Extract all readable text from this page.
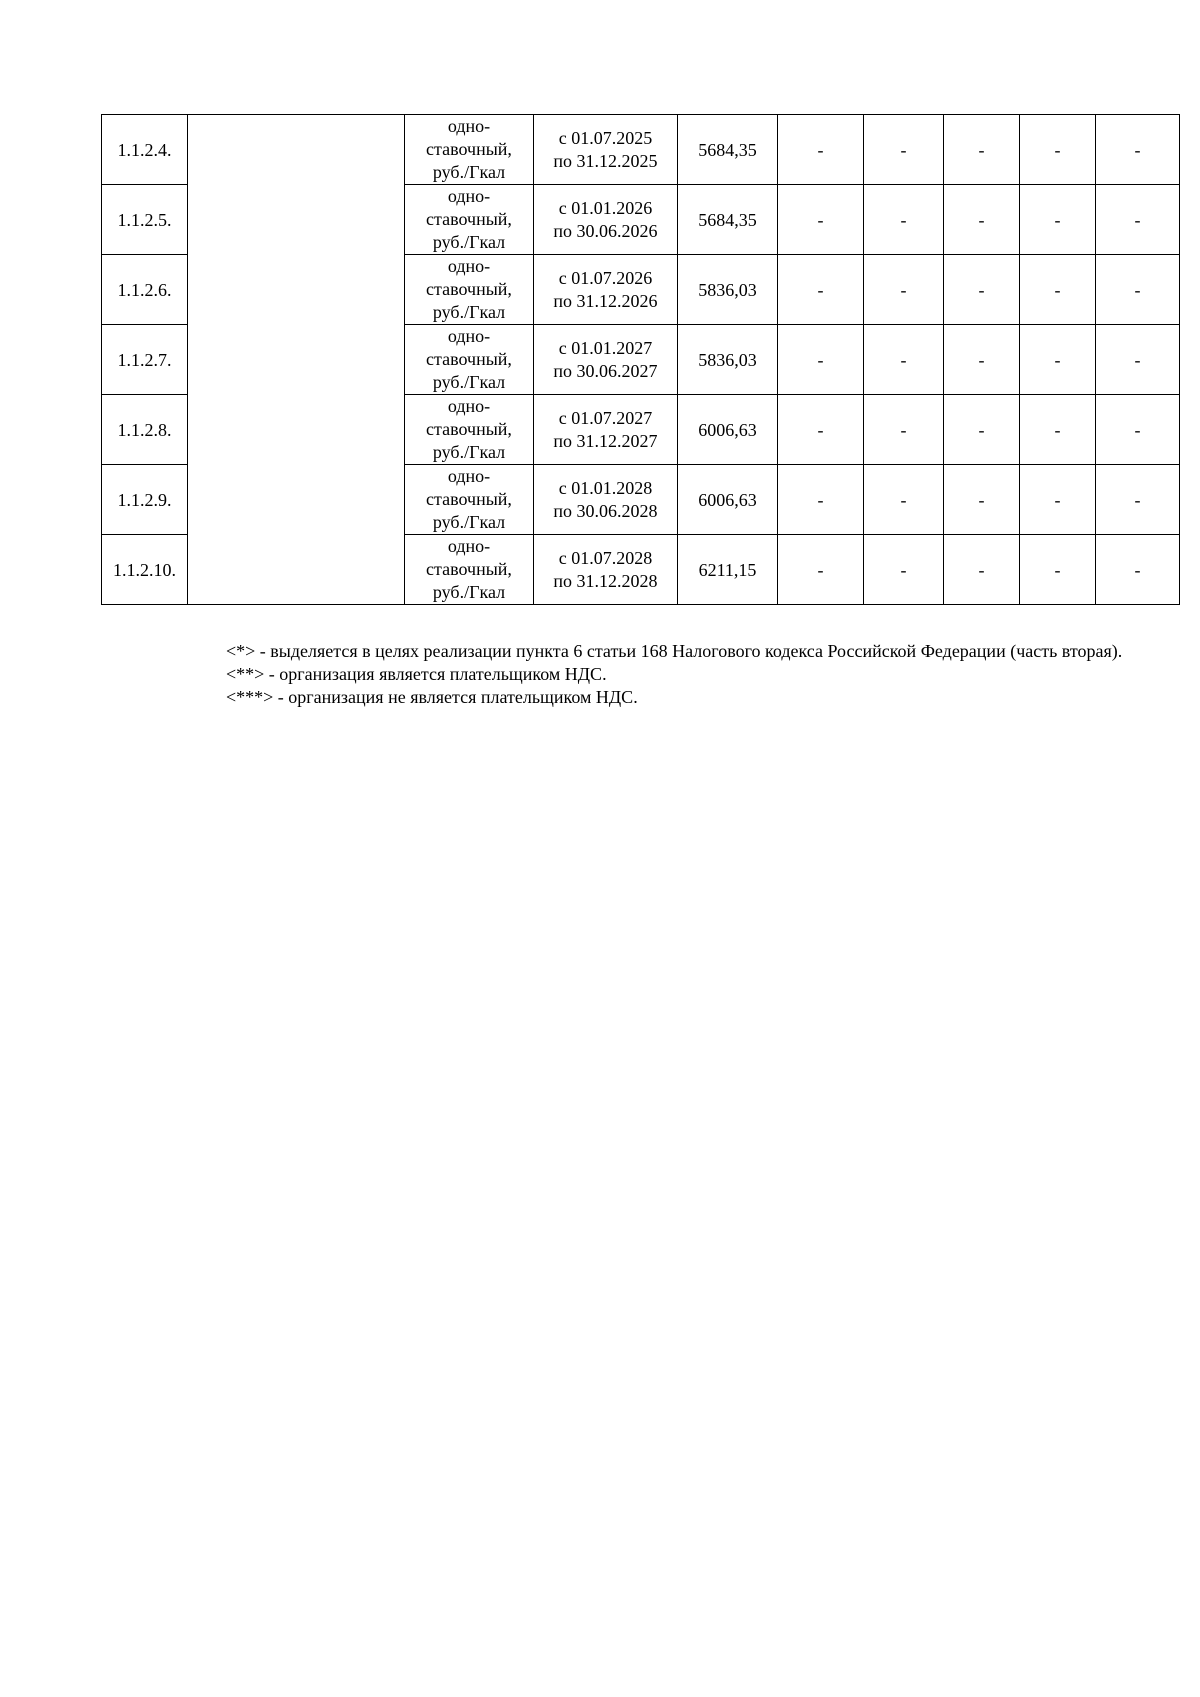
1.1.2.4.		одно-ставочный, руб./Гкал	с 01.07.2025
по 31.12.2025	5684,35	-	-	-	-	-
1.1.2.5.		одно-ставочный, руб./Гкал	с 01.01.2026
по 30.06.2026	5684,35	-	-	-	-	-
1.1.2.6.		одно-ставочный, руб./Гкал	с 01.07.2026
по 31.12.2026	5836,03	-	-	-	-	-
1.1.2.7.		одно-ставочный, руб./Гкал	с 01.01.2027
по 30.06.2027	5836,03	-	-	-	-	-
1.1.2.8.		одно-ставочный, руб./Гкал	с 01.07.2027
по 31.12.2027	6006,63	-	-	-	-	-
1.1.2.9.		одно-ставочный, руб./Гкал	с 01.01.2028
по 30.06.2028	6006,63	-	-	-	-	-
1.1.2.10.		одно-ставочный, руб./Гкал	с 01.07.2028
по 31.12.2028	6211,15	-	-	-	-	-

<*> - выделяется в целях реализации пункта 6 статьи 168 Налогового кодекса Российской Федерации (часть вторая).

<**> - организация является плательщиком НДС.

<***> - организация не является плательщиком НДС.
